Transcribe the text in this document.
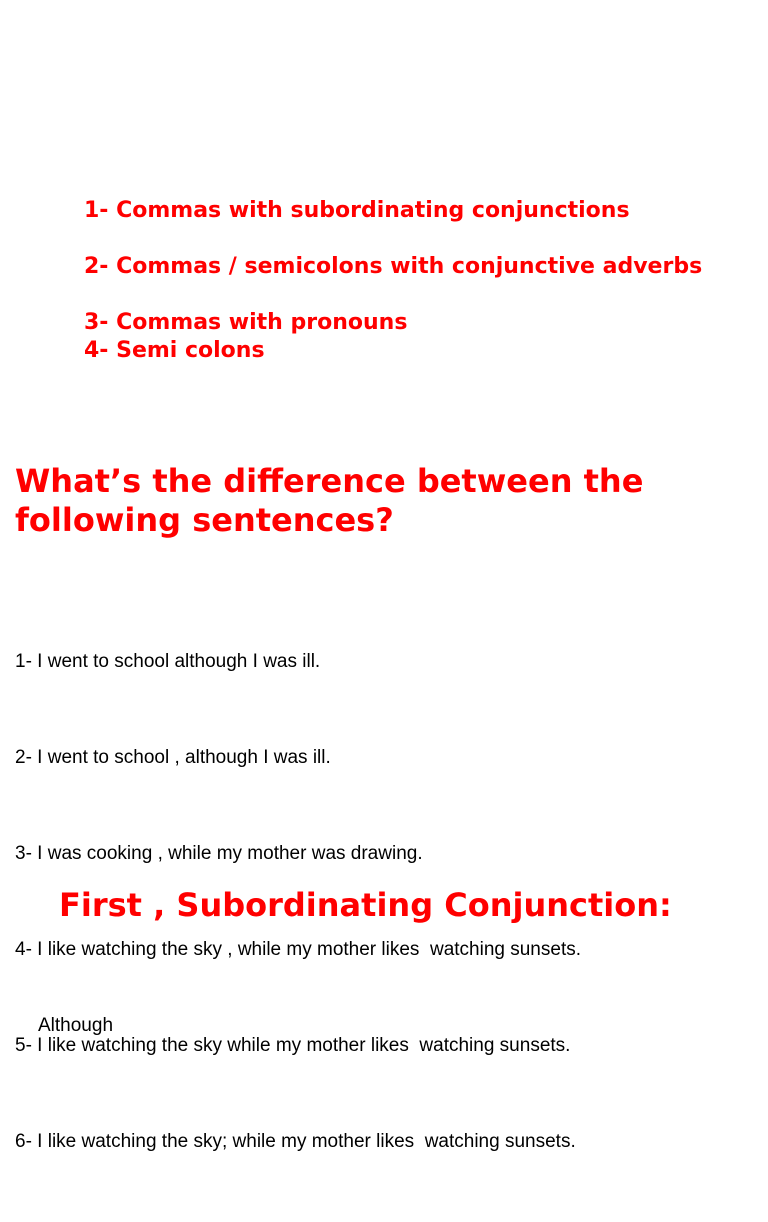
1- Commas with subordinating conjunctions
2- Commas / semicolons with conjunctive adverbs
3- Commas with pronouns
4- Semi colons
What’s the difference between the following sentences?

1- I went to school although I was ill.

2- I went to school , although I was ill.

3- I was cooking , while my mother was drawing.

4- I like watching the sky , while my mother likes  watching sunsets.

5- I like watching the sky while my mother likes  watching sunsets.

6- I like watching the sky; while my mother likes  watching sunsets.

First , Subordinating Conjunction:

Although
